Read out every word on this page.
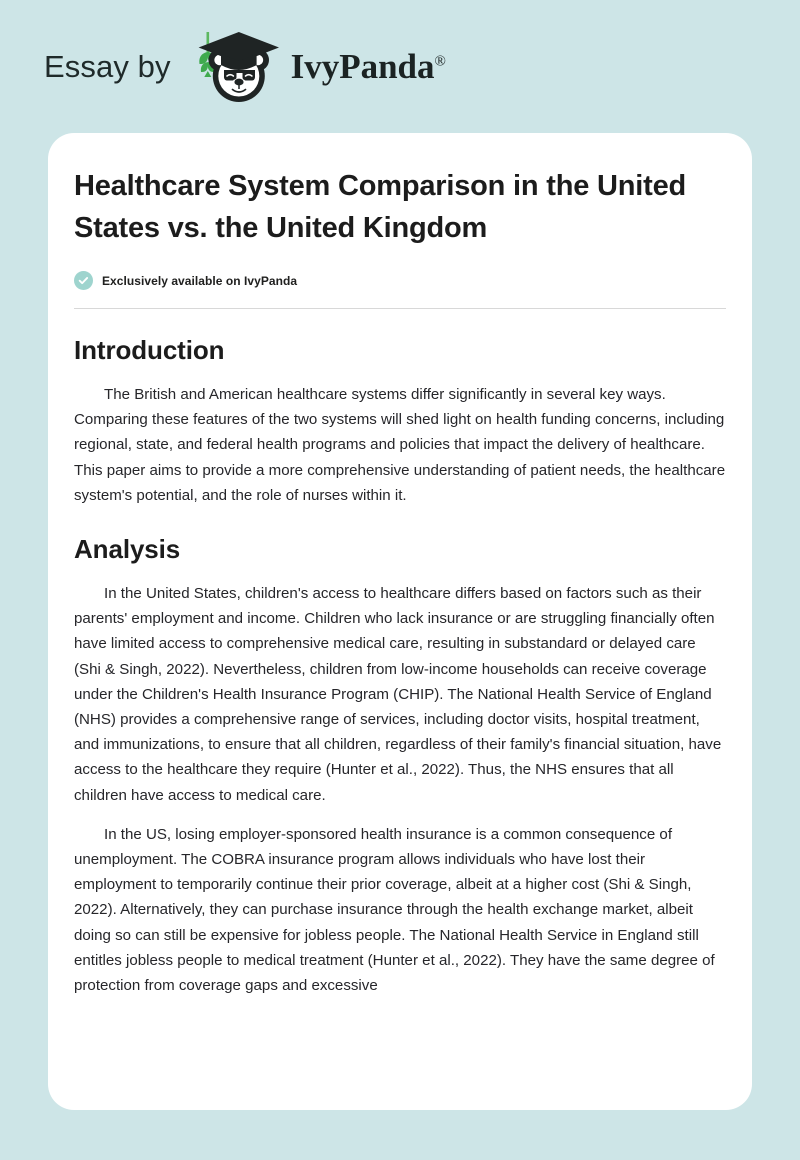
Essay by	IvyPanda®
Healthcare System Comparison in the United States vs. the United Kingdom
Exclusively available on IvyPanda
Introduction

The British and American healthcare systems differ significantly in several key ways. Comparing these features of the two systems will shed light on health funding concerns, including regional, state, and federal health programs and policies that impact the delivery of healthcare. This paper aims to provide a more comprehensive understanding of patient needs, the healthcare system's potential, and the role of nurses within it.

Analysis

In the United States, children's access to healthcare differs based on factors such as their parents' employment and income. Children who lack insurance or are struggling financially often have limited access to comprehensive medical care, resulting in substandard or delayed care (Shi & Singh, 2022). Nevertheless, children from low-income households can receive coverage under the Children's Health Insurance Program (CHIP). The National Health Service of England (NHS) provides a comprehensive range of services, including doctor visits, hospital treatment, and immunizations, to ensure that all children, regardless of their family's financial situation, have access to the healthcare they require (Hunter et al., 2022). Thus, the NHS ensures that all children have access to medical care.

In the US, losing employer-sponsored health insurance is a common consequence of unemployment. The COBRA insurance program allows individuals who have lost their employment to temporarily continue their prior coverage, albeit at a higher cost (Shi & Singh, 2022). Alternatively, they can purchase insurance through the health exchange market, albeit doing so can still be expensive for jobless people. The National Health Service in England still entitles jobless people to medical treatment (Hunter et al., 2022). They have the same degree of protection from coverage gaps and excessive
